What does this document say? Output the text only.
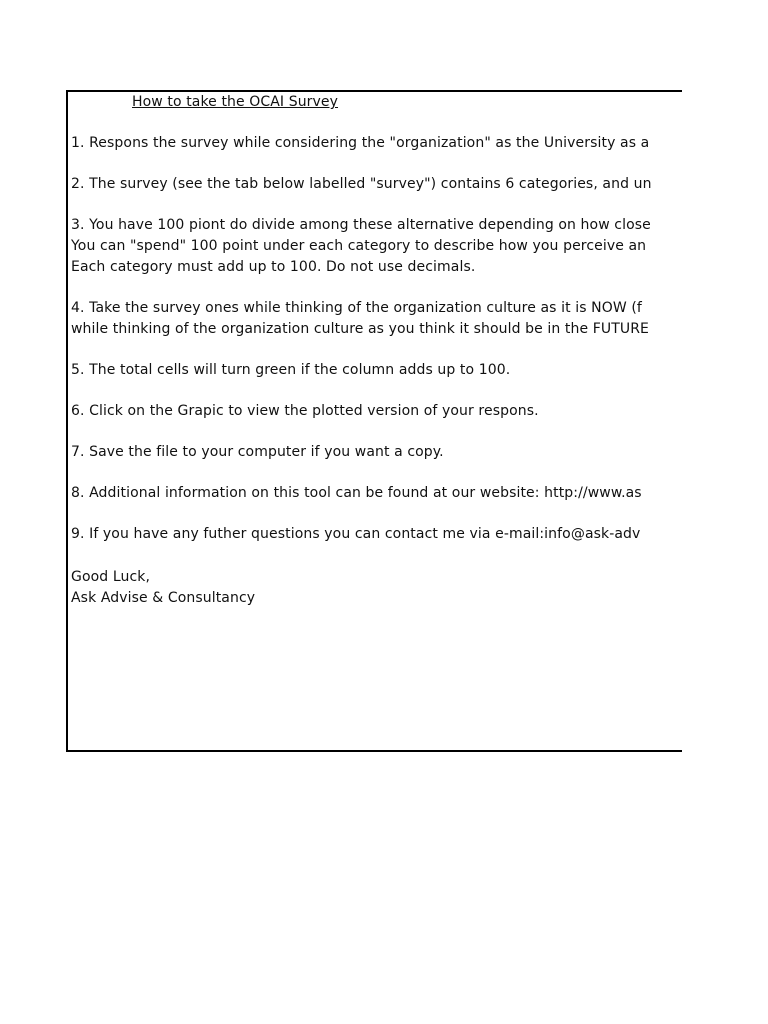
How to take the OCAI Survey
1. Respons the survey while considering the "organization" as the University as a
2. The survey (see the tab below labelled "survey") contains 6 categories, and un
3. You have 100 piont do divide among these alternative depending on how close
You can "spend" 100 point under each category to describe how you perceive an
Each category must add up to 100. Do not use decimals.
4. Take the survey ones while thinking of the organization culture as it is NOW (f
while thinking of the organization culture as you think it should be in the FUTURE
5. The total cells will turn green if the column adds up to 100.
6. Click on the Grapic to view the plotted version of your respons.
7. Save the file to your computer if you want a copy.
8. Additional information on this tool can be found at our website: http://www.as
9. If you have any futher questions you can contact me via e-mail:info@ask-adv
Good Luck,
Ask Advise & Consultancy
